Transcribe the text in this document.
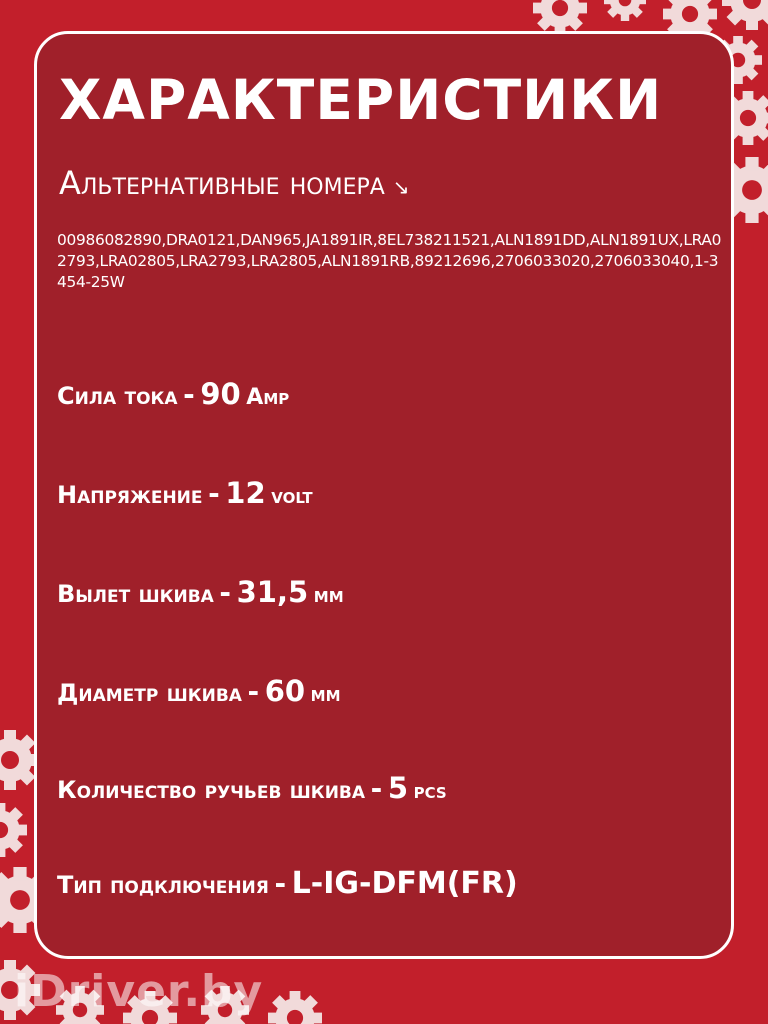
ХАРАКТЕРИСТИКИ
Альтернативные номера ↘
00986082890,DRA0121,DAN965,JA1891IR,8EL738211521,ALN1891DD,ALN1891UX,LRA02793,LRA02805,LRA2793,LRA2805,ALN1891RB,89212696,2706033020,2706033040,1-3454-25W
Сила тока - 90 Amp
Напряжение - 12 volt
Вылет шкива - 31,5 мм
Диаметр шкива - 60 мм
Количество ручьев шкива - 5 pcs
Тип подключения - L-IG-DFM(FR)
iDriver.by
